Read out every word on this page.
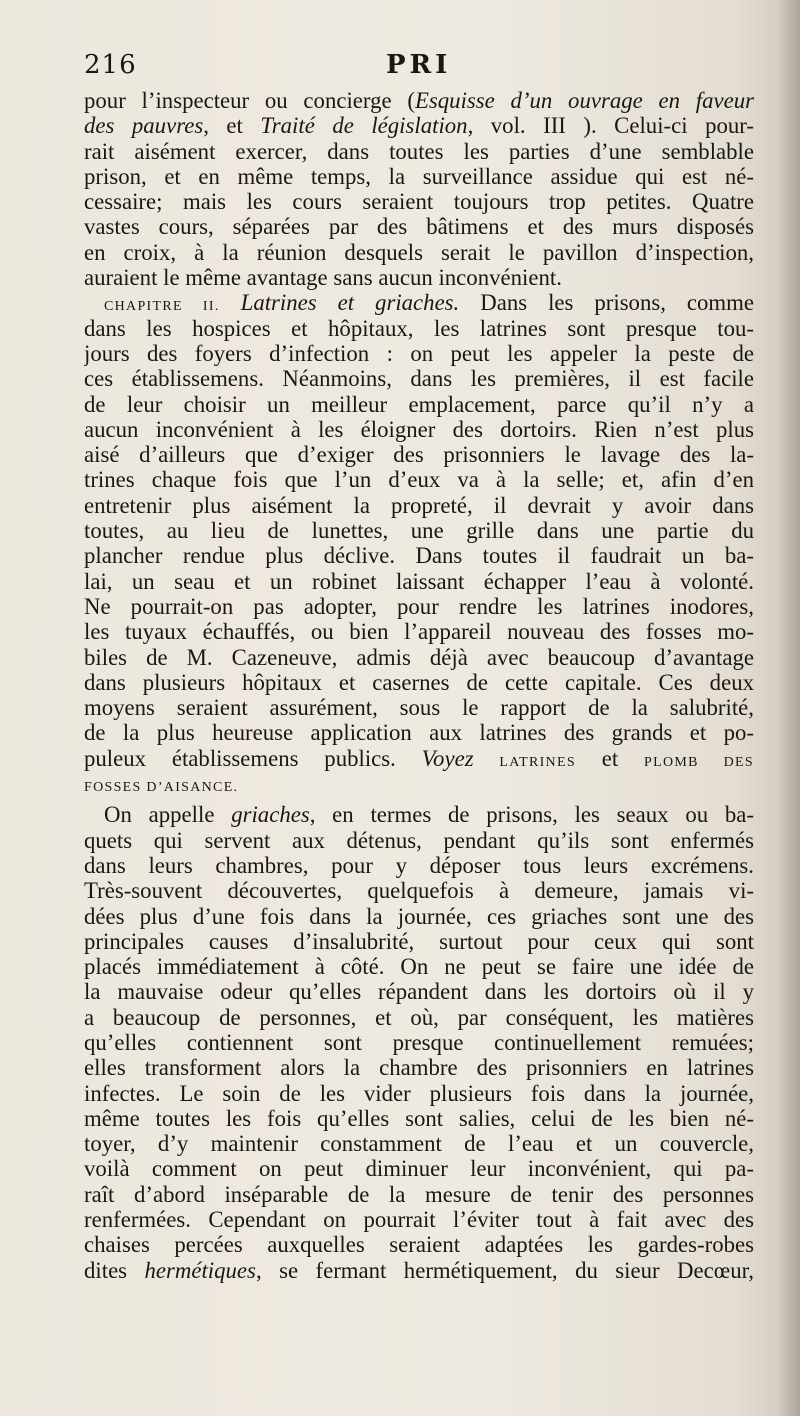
216	PRI
pour l’inspecteur ou concierge (Esquisse d’un ouvrage en faveur
des pauvres, et Traité de législation, vol. III ). Celui-ci pour-
rait aisément exercer, dans toutes les parties d’une semblable
prison, et en même temps, la surveillance assidue qui est né-
cessaire; mais les cours seraient toujours trop petites. Quatre
vastes cours, séparées par des bâtimens et des murs disposés
en croix, à la réunion desquels serait le pavillon d’inspection,
auraient le même avantage sans aucun inconvénient.
CHAPITRE II. Latrines et griaches. Dans les prisons, comme
dans les hospices et hôpitaux, les latrines sont presque tou-
jours des foyers d’infection : on peut les appeler la peste de
ces établissemens. Néanmoins, dans les premières, il est facile
de leur choisir un meilleur emplacement, parce qu’il n’y a
aucun inconvénient à les éloigner des dortoirs. Rien n’est plus
aisé d’ailleurs que d’exiger des prisonniers le lavage des la-
trines chaque fois que l’un d’eux va à la selle; et, afin d’en
entretenir plus aisément la propreté, il devrait y avoir dans
toutes, au lieu de lunettes, une grille dans une partie du
plancher rendue plus déclive. Dans toutes il faudrait un ba-
lai, un seau et un robinet laissant échapper l’eau à volonté.
Ne pourrait-on pas adopter, pour rendre les latrines inodores,
les tuyaux échauffés, ou bien l’appareil nouveau des fosses mo-
biles de M. Cazeneuve, admis déjà avec beaucoup d’avantage
dans plusieurs hôpitaux et casernes de cette capitale. Ces deux
moyens seraient assurément, sous le rapport de la salubrité,
de la plus heureuse application aux latrines des grands et po-
puleux établissemens publics. Voyez LATRINES et PLOMB DES
FOSSES D’AISANCE.
On appelle griaches, en termes de prisons, les seaux ou ba-
quets qui servent aux détenus, pendant qu’ils sont enfermés
dans leurs chambres, pour y déposer tous leurs excrémens.
Très-souvent découvertes, quelquefois à demeure, jamais vi-
dées plus d’une fois dans la journée, ces griaches sont une des
principales causes d’insalubrité, surtout pour ceux qui sont
placés immédiatement à côté. On ne peut se faire une idée de
la mauvaise odeur qu’elles répandent dans les dortoirs où il y
a beaucoup de personnes, et où, par conséquent, les matières
qu’elles contiennent sont presque continuellement remuées;
elles transforment alors la chambre des prisonniers en latrines
infectes. Le soin de les vider plusieurs fois dans la journée,
même toutes les fois qu’elles sont salies, celui de les bien né-
toyer, d’y maintenir constamment de l’eau et un couvercle,
voilà comment on peut diminuer leur inconvénient, qui pa-
raît d’abord inséparable de la mesure de tenir des personnes
renfermées. Cependant on pourrait l’éviter tout à fait avec des
chaises percées auxquelles seraient adaptées les gardes-robes
dites hermétiques, se fermant hermétiquement, du sieur Decœur,
